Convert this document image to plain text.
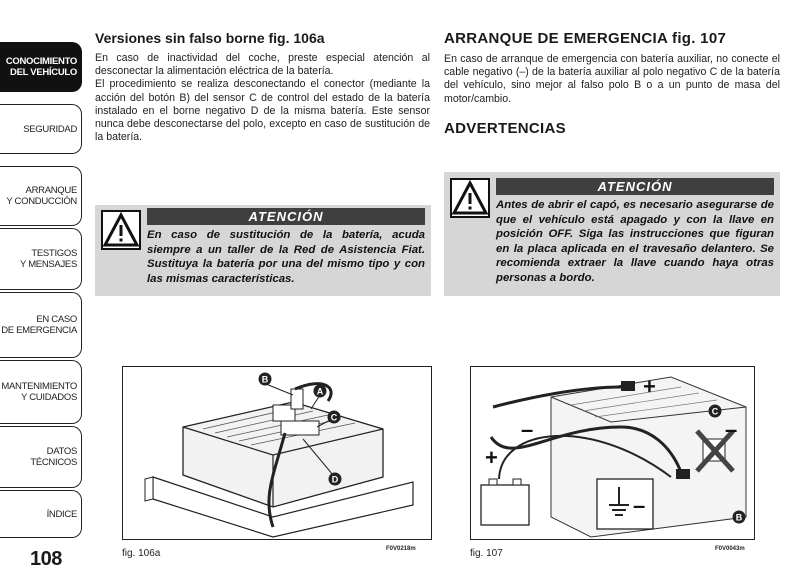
CONOCIMIENTO
DEL VEHÍCULO
SEGURIDAD
ARRANQUE
Y CONDUCCIÓN
TESTIGOS
Y MENSAJES
EN CASO
DE EMERGENCIA
MANTENIMIENTO
Y CUIDADOS
DATOS TÉCNICOS
ÍNDICE
108
Versiones sin falso borne fig. 106a

En caso de inactividad del coche, preste especial atención al desconectar la alimentación eléctrica de la batería.

El procedimiento se realiza desconectando el conector (mediante la acción del botón B) del sensor C de control del estado de la batería instalado en el borne negativo D de la misma batería. Este sensor nunca debe desconectarse del polo, excepto en caso de sustitución de la batería.

ATENCIÓN
En caso de sustitución de la batería, acuda siempre a un taller de la Red de Asistencia Fiat. Sustituya la batería por una del mismo tipo y con las mismas características.
ARRANQUE DE EMERGENCIA fig. 107

En caso de arranque de emergencia con batería auxiliar, no conecte el cable negativo (–) de la batería auxiliar al polo negativo C de la batería del vehículo, sino mejor al falso polo B o a un punto de masa del motor/cambio.

ADVERTENCIAS
ATENCIÓN
Antes de abrir el capó, es necesario asegurarse de que el vehículo está apagado y con la llave en posición OFF. Siga las instrucciones que figuran en la placa aplicada en el travesaño delantero. Se recomienda extraer la llave cuando haya otras personas a bordo.
B
A
C
D
fig. 106a	F0V0218m
+
–
+
–
–
C
B
fig. 107	F0V0043m
